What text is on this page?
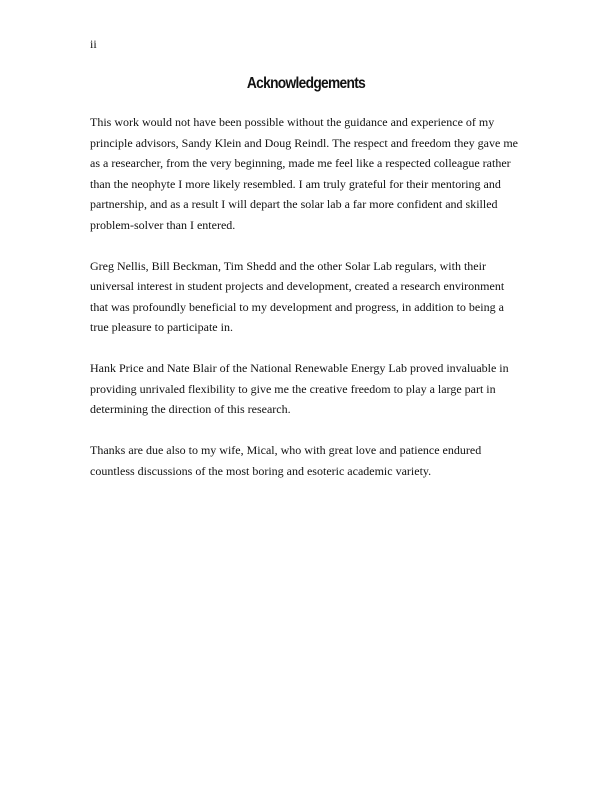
ii
Acknowledgements
This work would not have been possible without the guidance and experience of my
principle advisors, Sandy Klein and Doug Reindl. The respect and freedom they gave me
as a researcher, from the very beginning, made me feel like a respected colleague rather
than the neophyte I more likely resembled. I am truly grateful for their mentoring and
partnership, and as a result I will depart the solar lab a far more confident and skilled
problem-solver than I entered.
Greg Nellis, Bill Beckman, Tim Shedd and the other Solar Lab regulars, with their
universal interest in student projects and development, created a research environment
that was profoundly beneficial to my development and progress, in addition to being a
true pleasure to participate in.
Hank Price and Nate Blair of the National Renewable Energy Lab proved invaluable in
providing unrivaled flexibility to give me the creative freedom to play a large part in
determining the direction of this research.
Thanks are due also to my wife, Mical, who with great love and patience endured
countless discussions of the most boring and esoteric academic variety.
